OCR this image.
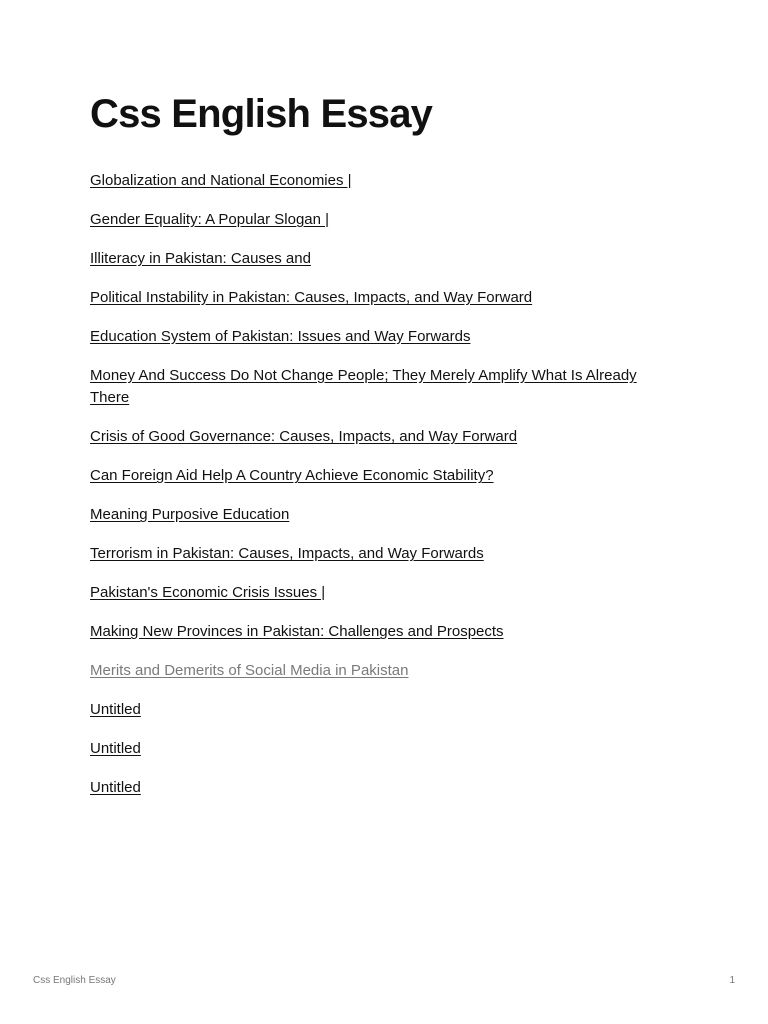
Css English Essay
Globalization and National Economies |
Gender Equality: A Popular Slogan |
Illiteracy in Pakistan: Causes and
Political Instability in Pakistan: Causes, Impacts, and Way Forward
Education System of Pakistan: Issues and Way Forwards
Money And Success Do Not Change People; They Merely Amplify What Is Already There
Crisis of Good Governance: Causes, Impacts, and Way Forward
Can Foreign Aid Help A Country Achieve Economic Stability?
Meaning Purposive Education
Terrorism in Pakistan: Causes, Impacts, and Way Forwards
Pakistan's Economic Crisis Issues |
Making New Provinces in Pakistan: Challenges and Prospects
Merits and Demerits of Social Media in Pakistan
Untitled
Untitled
Untitled
Css English Essay	1
